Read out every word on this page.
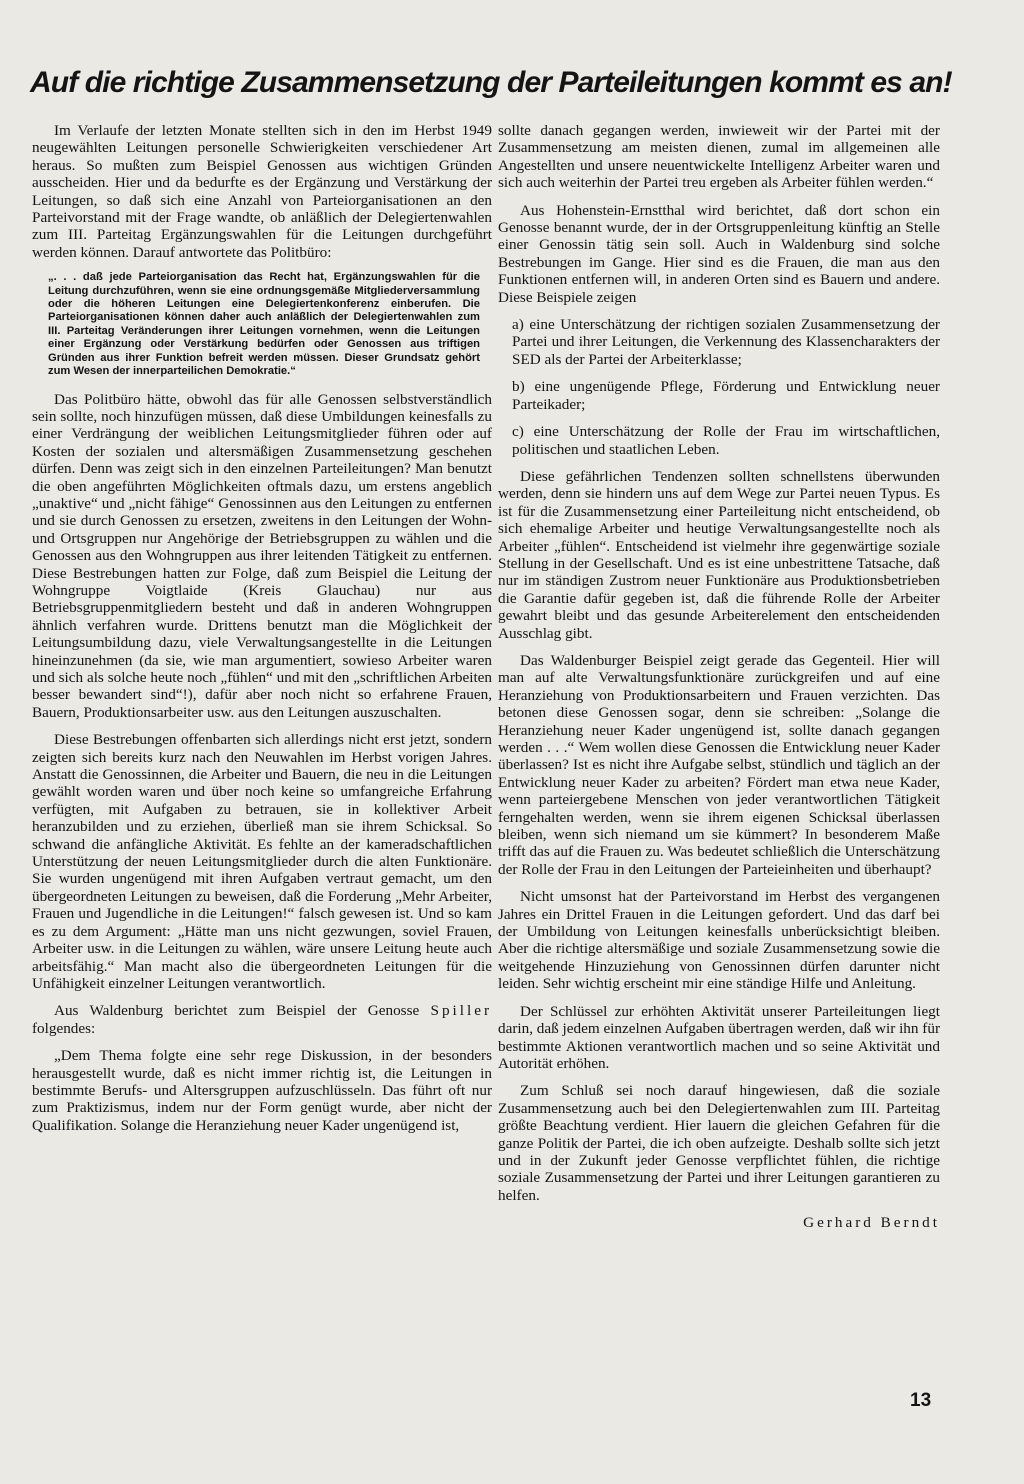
Auf die richtige Zusammensetzung der Parteileitungen kommt es an!

Im Verlaufe der letzten Monate stellten sich in den im Herbst 1949 neugewählten Leitungen personelle Schwierigkeiten verschiedener Art heraus. So mußten zum Beispiel Genossen aus wichtigen Gründen ausscheiden. Hier und da bedurfte es der Ergänzung und Verstärkung der Leitungen, so daß sich eine Anzahl von Parteiorganisationen an den Parteivorstand mit der Frage wandte, ob anläßlich der Delegiertenwahlen zum III. Parteitag Ergänzungswahlen für die Leitungen durchgeführt werden können. Darauf antwortete das Politbüro:

„. . . daß jede Parteiorganisation das Recht hat, Ergänzungswahlen für die Leitung durchzuführen, wenn sie eine ordnungsgemäße Mitgliederversammlung oder die höheren Leitungen eine Delegiertenkonferenz einberufen. Die Parteiorganisationen können daher auch anläßlich der Delegiertenwahlen zum III. Parteitag Veränderungen ihrer Leitungen vornehmen, wenn die Leitungen einer Ergänzung oder Verstärkung bedürfen oder Genossen aus triftigen Gründen aus ihrer Funktion befreit werden müssen. Dieser Grundsatz gehört zum Wesen der innerparteilichen Demokratie.“

Das Politbüro hätte, obwohl das für alle Genossen selbstverständlich sein sollte, noch hinzufügen müssen, daß diese Umbildungen keinesfalls zu einer Verdrängung der weiblichen Leitungsmitglieder führen oder auf Kosten der sozialen und altersmäßigen Zusammensetzung geschehen dürfen. Denn was zeigt sich in den einzelnen Parteileitungen? Man benutzt die oben angeführten Möglichkeiten oftmals dazu, um erstens angeblich „unaktive“ und „nicht fähige“ Genossinnen aus den Leitungen zu entfernen und sie durch Genossen zu ersetzen, zweitens in den Leitungen der Wohn- und Ortsgruppen nur Angehörige der Betriebsgruppen zu wählen und die Genossen aus den Wohngruppen aus ihrer leitenden Tätigkeit zu entfernen. Diese Bestrebungen hatten zur Folge, daß zum Beispiel die Leitung der Wohngruppe Voigtlaide (Kreis Glauchau) nur aus Betriebsgruppenmitgliedern besteht und daß in anderen Wohngruppen ähnlich verfahren wurde. Drittens benutzt man die Möglichkeit der Leitungsumbildung dazu, viele Verwaltungsangestellte in die Leitungen hineinzunehmen (da sie, wie man argumentiert, sowieso Arbeiter waren und sich als solche heute noch „fühlen“ und mit den „schriftlichen Arbeiten besser bewandert sind“!), dafür aber noch nicht so erfahrene Frauen, Bauern, Produktionsarbeiter usw. aus den Leitungen auszuschalten.

Diese Bestrebungen offenbarten sich allerdings nicht erst jetzt, sondern zeigten sich bereits kurz nach den Neuwahlen im Herbst vorigen Jahres. Anstatt die Genossinnen, die Arbeiter und Bauern, die neu in die Leitungen gewählt worden waren und über noch keine so umfangreiche Erfahrung verfügten, mit Aufgaben zu betrauen, sie in kollektiver Arbeit heranzubilden und zu erziehen, überließ man sie ihrem Schicksal. So schwand die anfängliche Aktivität. Es fehlte an der kameradschaftlichen Unterstützung der neuen Leitungsmitglieder durch die alten Funktionäre. Sie wurden ungenügend mit ihren Aufgaben vertraut gemacht, um den übergeordneten Leitungen zu beweisen, daß die Forderung „Mehr Arbeiter, Frauen und Jugendliche in die Leitungen!“ falsch gewesen ist. Und so kam es zu dem Argument: „Hätte man uns nicht gezwungen, soviel Frauen, Arbeiter usw. in die Leitungen zu wählen, wäre unsere Leitung heute auch arbeitsfähig.“ Man macht also die übergeordneten Leitungen für die Unfähigkeit einzelner Leitungen verantwortlich.

Aus Waldenburg berichtet zum Beispiel der Genosse Spiller folgendes:

„Dem Thema folgte eine sehr rege Diskussion, in der besonders herausgestellt wurde, daß es nicht immer richtig ist, die Leitungen in bestimmte Berufs- und Altersgruppen aufzuschlüsseln. Das führt oft nur zum Praktizismus, indem nur der Form genügt wurde, aber nicht der Qualifikation. Solange die Heranziehung neuer Kader ungenügend ist,

sollte danach gegangen werden, inwieweit wir der Partei mit der Zusammensetzung am meisten dienen, zumal im allgemeinen alle Angestellten und unsere neuentwickelte Intelligenz Arbeiter waren und sich auch weiterhin der Partei treu ergeben als Arbeiter fühlen werden.“

Aus Hohenstein-Ernstthal wird berichtet, daß dort schon ein Genosse benannt wurde, der in der Ortsgruppenleitung künftig an Stelle einer Genossin tätig sein soll. Auch in Waldenburg sind solche Bestrebungen im Gange. Hier sind es die Frauen, die man aus den Funktionen entfernen will, in anderen Orten sind es Bauern und andere. Diese Beispiele zeigen

a) eine Unterschätzung der richtigen sozialen Zusammensetzung der Partei und ihrer Leitungen, die Verkennung des Klassencharakters der SED als der Partei der Arbeiterklasse;

b) eine ungenügende Pflege, Förderung und Entwicklung neuer Parteikader;

c) eine Unterschätzung der Rolle der Frau im wirtschaftlichen, politischen und staatlichen Leben.

Diese gefährlichen Tendenzen sollten schnellstens überwunden werden, denn sie hindern uns auf dem Wege zur Partei neuen Typus. Es ist für die Zusammensetzung einer Parteileitung nicht entscheidend, ob sich ehemalige Arbeiter und heutige Verwaltungsangestellte noch als Arbeiter „fühlen“. Entscheidend ist vielmehr ihre gegenwärtige soziale Stellung in der Gesellschaft. Und es ist eine unbestrittene Tatsache, daß nur im ständigen Zustrom neuer Funktionäre aus Produktionsbetrieben die Garantie dafür gegeben ist, daß die führende Rolle der Arbeiter gewahrt bleibt und das gesunde Arbeiterelement den entscheidenden Ausschlag gibt.

Das Waldenburger Beispiel zeigt gerade das Gegenteil. Hier will man auf alte Verwaltungsfunktionäre zurückgreifen und auf eine Heranziehung von Produktionsarbeitern und Frauen verzichten. Das betonen diese Genossen sogar, denn sie schreiben: „Solange die Heranziehung neuer Kader ungenügend ist, sollte danach gegangen werden . . .“ Wem wollen diese Genossen die Entwicklung neuer Kader überlassen? Ist es nicht ihre Aufgabe selbst, stündlich und täglich an der Entwicklung neuer Kader zu arbeiten? Fördert man etwa neue Kader, wenn parteiergebene Menschen von jeder verantwortlichen Tätigkeit ferngehalten werden, wenn sie ihrem eigenen Schicksal überlassen bleiben, wenn sich niemand um sie kümmert? In besonderem Maße trifft das auf die Frauen zu. Was bedeutet schließlich die Unterschätzung der Rolle der Frau in den Leitungen der Parteieinheiten und überhaupt?

Nicht umsonst hat der Parteivorstand im Herbst des vergangenen Jahres ein Drittel Frauen in die Leitungen gefordert. Und das darf bei der Umbildung von Leitungen keinesfalls unberücksichtigt bleiben. Aber die richtige altersmäßige und soziale Zusammensetzung sowie die weitgehende Hinzuziehung von Genossinnen dürfen darunter nicht leiden. Sehr wichtig erscheint mir eine ständige Hilfe und Anleitung.

Der Schlüssel zur erhöhten Aktivität unserer Parteileitungen liegt darin, daß jedem einzelnen Aufgaben übertragen werden, daß wir ihn für bestimmte Aktionen verantwortlich machen und so seine Aktivität und Autorität erhöhen.

Zum Schluß sei noch darauf hingewiesen, daß die soziale Zusammensetzung auch bei den Delegiertenwahlen zum III. Parteitag größte Beachtung verdient. Hier lauern die gleichen Gefahren für die ganze Politik der Partei, die ich oben aufzeigte. Deshalb sollte sich jetzt und in der Zukunft jeder Genosse verpflichtet fühlen, die richtige soziale Zusammensetzung der Partei und ihrer Leitungen garantieren zu helfen.

Gerhard Berndt

13
